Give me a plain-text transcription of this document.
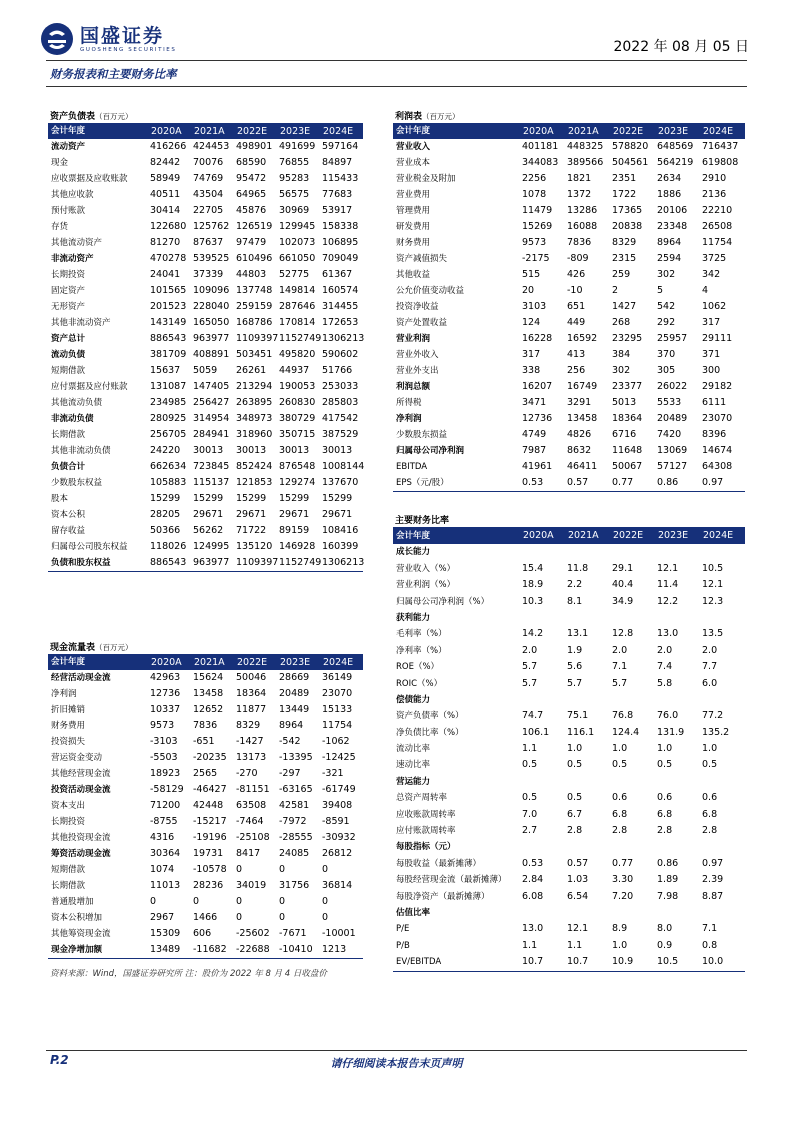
国盛证券
GUOSHENG SECURITIES	2022 年 08 月 05 日
财务报表和主要财务比率
资产负债表（百万元）
会计年度	2020A	2021A	2022E	2023E	2024E
流动资产	416266 424453 498901 491699 597164
现金	82442	70076	68590	76855	84897
应收票据及应收账款	58949	74769	95472	95283	115433
其他应收款	40511	43504	64965	56575	77683
预付账款	30414	22705	45876	30969	53917
存货	122680 125762 126519 129945 158338
其他流动资产	81270	87637	97479	102073 106895
非流动资产	470278 539525 610496 661050 709049
长期投资	24041	37339	44803	52775	61367
固定资产	101565 109096 137748 149814 160574
无形资产	201523 228040 259159 287646 314455
其他非流动资产	143149 165050 168786 170814 172653
资产总计	886543 963977 1109397 1152749 1306213
流动负债	381709 408891 503451 495820 590602
短期借款	15637	5059	26261	44937	51766
应付票据及应付账款	131087 147405 213294 190053 253033
其他流动负债	234985 256427 263895 260830 285803
非流动负债	280925 314954 348973 380729 417542
长期借款	256705 284941 318960 350715 387529
其他非流动负债	24220	30013	30013	30013	30013
负债合计	662634 723845 852424 876548 1008144
少数股东权益	105883 115137 121853 129274 137670
股本	15299	15299	15299	15299	15299
资本公积	28205	29671	29671	29671	29671
留存收益	50366	56262	71722	89159	108416
归属母公司股东权益	118026 124995 135120 146928 160399
负债和股东权益	886543 963977 1109397 1152749 1306213
利润表（百万元）
会计年度	2020A	2021A	2022E	2023E	2024E
营业收入	401181 448325 578820 648569 716437
营业成本	344083 389566 504561 564219 619808
营业税金及附加	2256	1821	2351	2634	2910
营业费用	1078	1372	1722	1886	2136
管理费用	11479	13286	17365	20106	22210
研发费用	15269	16088	20838	23348	26508
财务费用	9573	7836	8329	8964	11754
资产减值损失	-2175	-809	2315	2594	3725
其他收益	515	426	259	302	342
公允价值变动收益	20	-10	2	5	4
投资净收益	3103	651	1427	542	1062
资产处置收益	124	449	268	292	317
营业利润	16228	16592	23295	25957	29111
营业外收入	317	413	384	370	371
营业外支出	338	256	302	305	300
利润总额	16207	16749	23377	26022	29182
所得税	3471	3291	5013	5533	6111
净利润	12736	13458	18364	20489	23070
少数股东损益	4749	4826	6716	7420	8396
归属母公司净利润	7987	8632	11648	13069	14674
EBITDA	41961	46411	50067	57127	64308
EPS（元/股）	0.53	0.57	0.77	0.86	0.97
现金流量表（百万元）
会计年度	2020A	2021A	2022E	2023E	2024E
经营活动现金流	42963	15624	50046	28669	36149
净利润	12736	13458	18364	20489	23070
折旧摊销	10337	12652	11877	13449	15133
财务费用	9573	7836	8329	8964	11754
投资损失	-3103	-651	-1427	-542	-1062
营运资金变动	-5503	-20235 13173	-13395 -12425
其他经营现金流	18923	2565	-270	-297	-321
投资活动现金流	-58129 -46427 -81151 -63165 -61749
资本支出	71200	42448	63508	42581	39408
长期投资	-8755	-15217 -7464	-7972	-8591
其他投资现金流	4316	-19196 -25108 -28555 -30932
筹资活动现金流	30364	19731	8417	24085	26812
短期借款	1074	-10578 0	0	0
长期借款	11013	28236	34019	31756	36814
普通股增加	0	0	0	0	0
资本公积增加	2967	1466	0	0	0
其他筹资现金流	15309	606	-25602 -7671	-10001
现金净增加额	13489	-11682 -22688 -10410 1213
主要财务比率
会计年度	2020A	2021A	2022E	2023E	2024E
成长能力
营业收入（%）	15.4	11.8	29.1	12.1	10.5
营业利润（%）	18.9	2.2	40.4	11.4	12.1
归属母公司净利润（%）	10.3	8.1	34.9	12.2	12.3
获利能力
毛利率（%）	14.2	13.1	12.8	13.0	13.5
净利率（%）	2.0	1.9	2.0	2.0	2.0
ROE（%）	5.7	5.6	7.1	7.4	7.7
ROIC（%）	5.7	5.7	5.7	5.8	6.0
偿债能力
资产负债率（%）	74.7	75.1	76.8	76.0	77.2
净负债比率（%）	106.1	116.1	124.4	131.9	135.2
流动比率	1.1	1.0	1.0	1.0	1.0
速动比率	0.5	0.5	0.5	0.5	0.5
营运能力
总资产周转率	0.5	0.5	0.6	0.6	0.6
应收账款周转率	7.0	6.7	6.8	6.8	6.8
应付账款周转率	2.7	2.8	2.8	2.8	2.8
每股指标（元）
每股收益（最新摊薄）	0.53	0.57	0.77	0.86	0.97
每股经营现金流（最新摊薄）	2.84	1.03	3.30	1.89	2.39
每股净资产（最新摊薄）	6.08	6.54	7.20	7.98	8.87
估值比率
P/E	13.0	12.1	8.9	8.0	7.1
P/B	1.1	1.1	1.0	0.9	0.8
EV/EBITDA	10.7	10.7	10.9	10.5	10.0
资料来源：Wind，国盛证券研究所 注：股价为 2022 年 8 月 4 日收盘价
P.2	请仔细阅读本报告末页声明
